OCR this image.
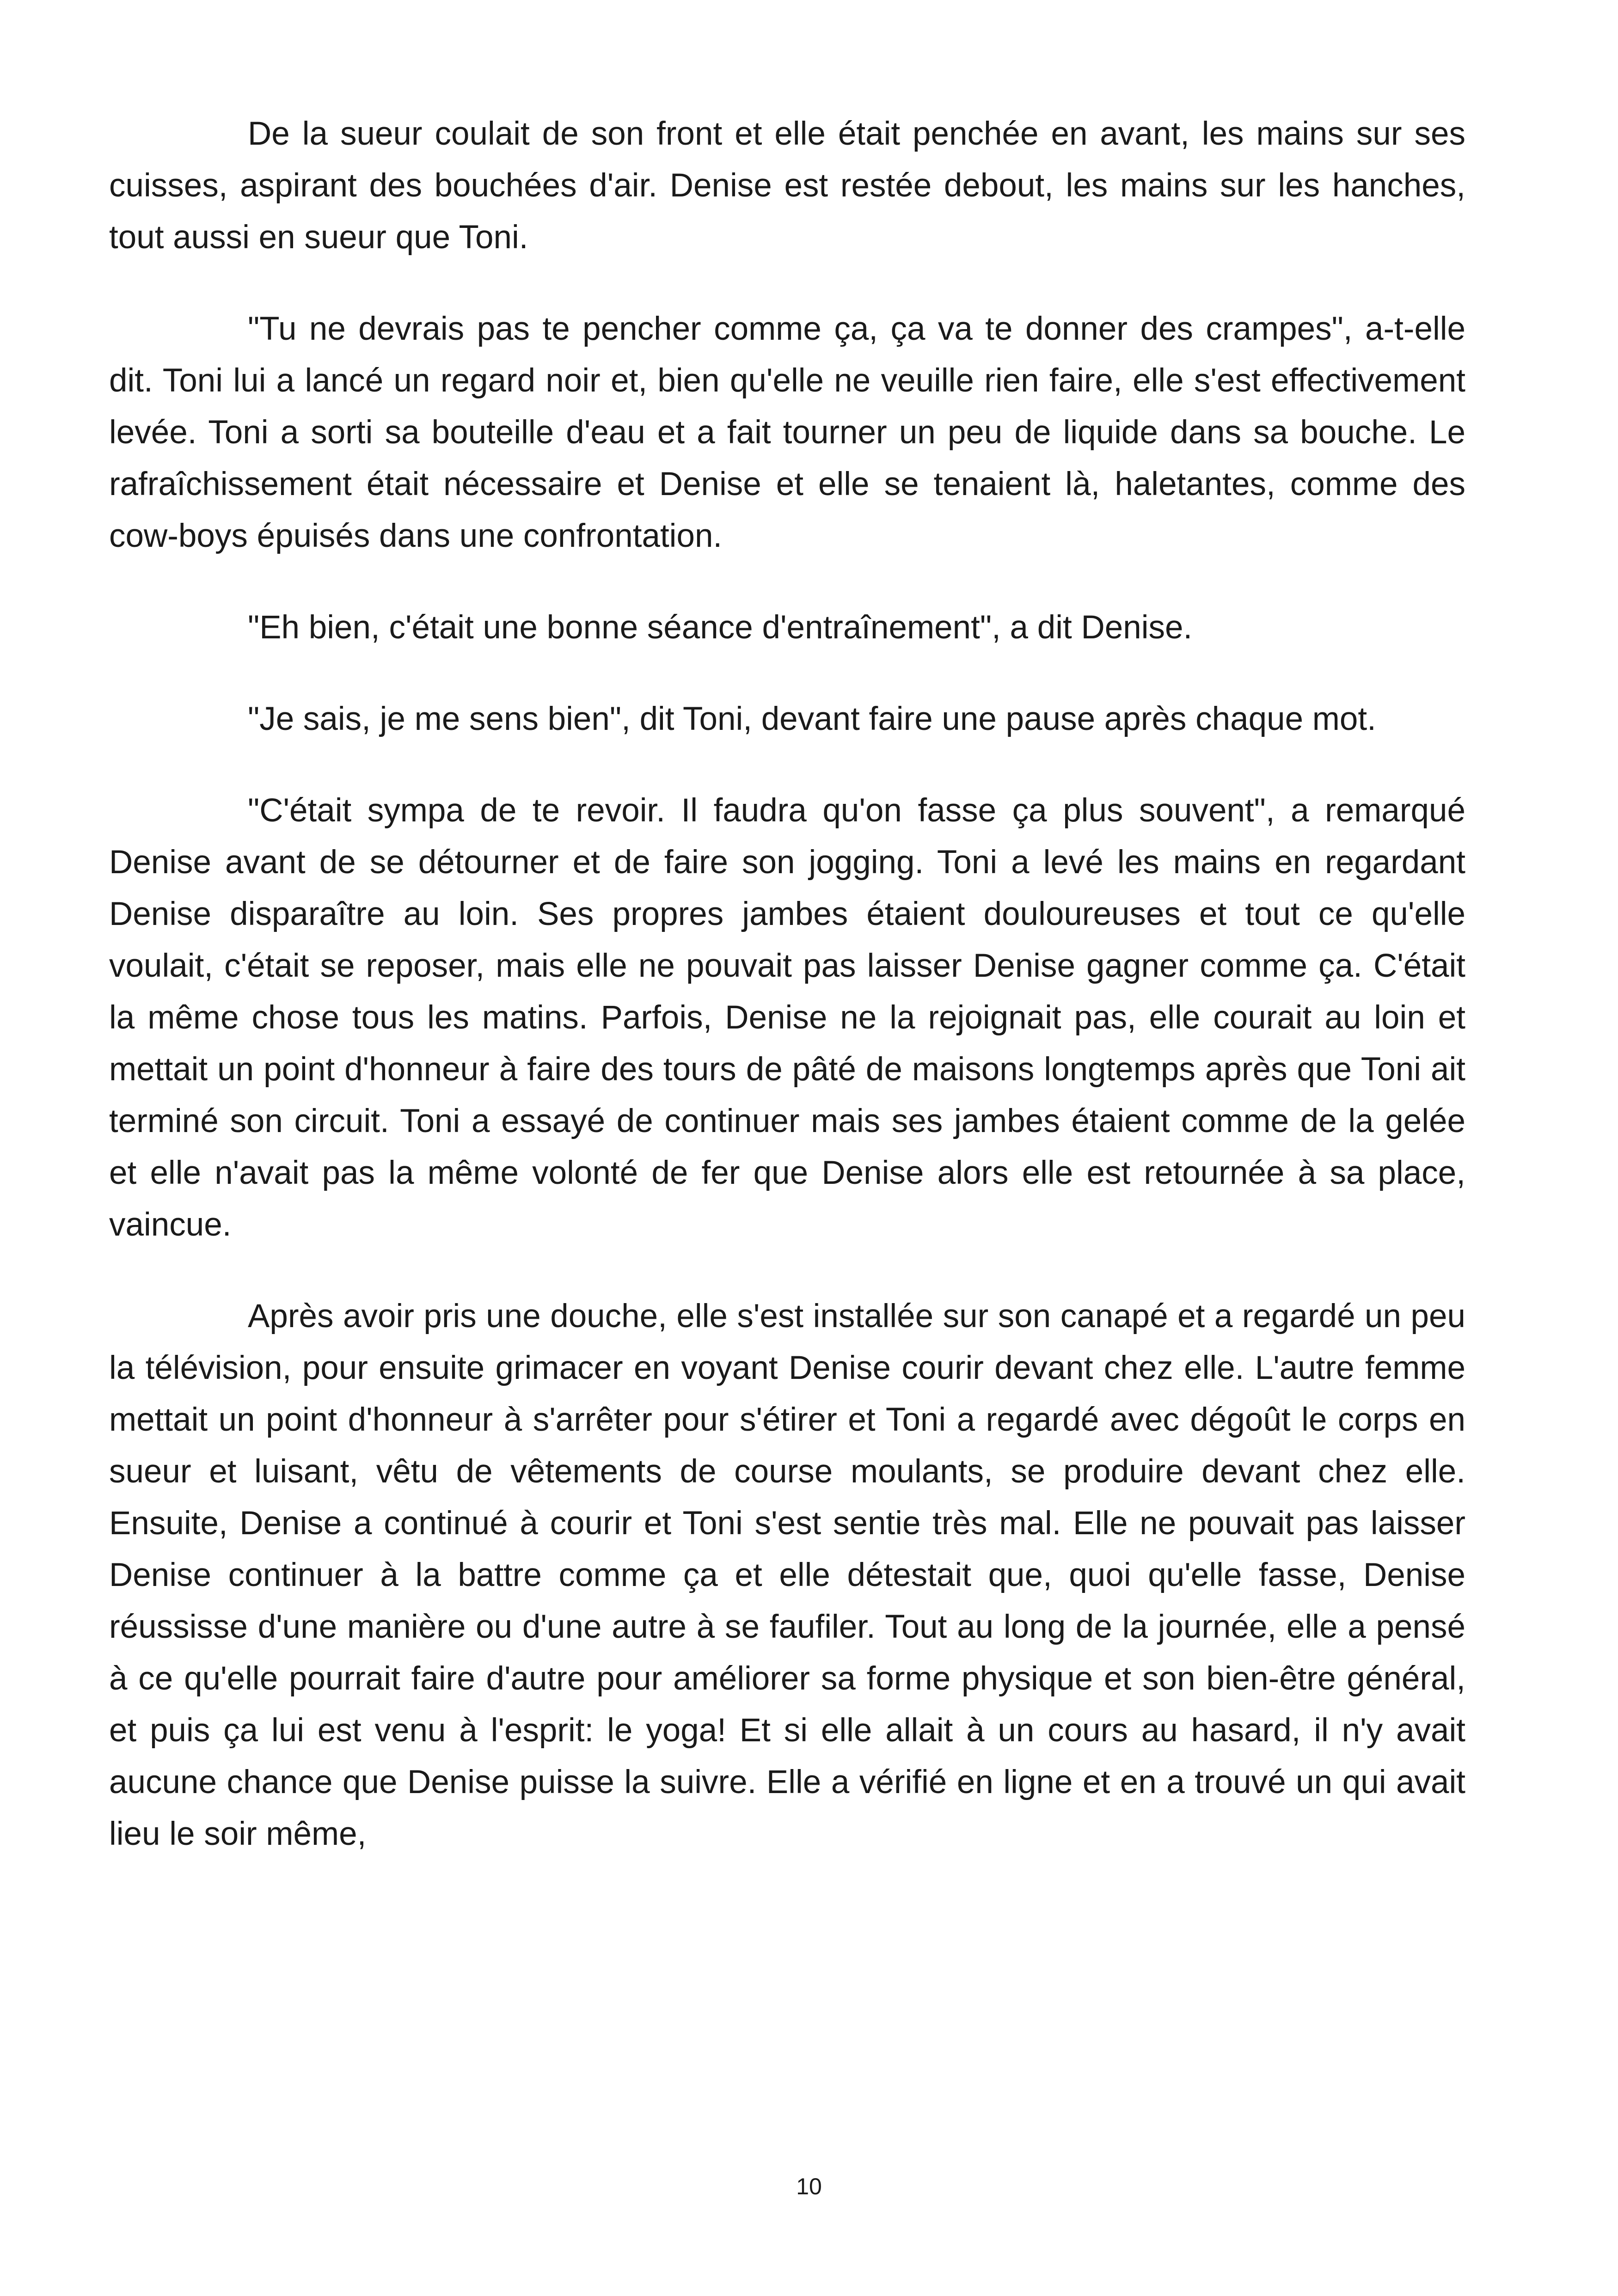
De la sueur coulait de son front et elle était penchée en avant, les mains sur ses cuisses, aspirant des bouchées d'air. Denise est restée debout, les mains sur les hanches, tout aussi en sueur que Toni.

"Tu ne devrais pas te pencher comme ça, ça va te donner des crampes", a-t-elle dit. Toni lui a lancé un regard noir et, bien qu'elle ne veuille rien faire, elle s'est effectivement levée. Toni a sorti sa bouteille d'eau et a fait tourner un peu de liquide dans sa bouche. Le rafraîchissement était nécessaire et Denise et elle se tenaient là, haletantes, comme des cow-boys épuisés dans une confrontation.

"Eh bien, c'était une bonne séance d'entraînement", a dit Denise.

"Je sais, je me sens bien", dit Toni, devant faire une pause après chaque mot.

"C'était sympa de te revoir. Il faudra qu'on fasse ça plus souvent", a remarqué Denise avant de se détourner et de faire son jogging. Toni a levé les mains en regardant Denise disparaître au loin. Ses propres jambes étaient douloureuses et tout ce qu'elle voulait, c'était se reposer, mais elle ne pouvait pas laisser Denise gagner comme ça. C'était la même chose tous les matins. Parfois, Denise ne la rejoignait pas, elle courait au loin et mettait un point d'honneur à faire des tours de pâté de maisons longtemps après que Toni ait terminé son circuit. Toni a essayé de continuer mais ses jambes étaient comme de la gelée et elle n'avait pas la même volonté de fer que Denise alors elle est retournée à sa place, vaincue.

Après avoir pris une douche, elle s'est installée sur son canapé et a regardé un peu la télévision, pour ensuite grimacer en voyant Denise courir devant chez elle. L'autre femme mettait un point d'honneur à s'arrêter pour s'étirer et Toni a regardé avec dégoût le corps en sueur et luisant, vêtu de vêtements de course moulants, se produire devant chez elle. Ensuite, Denise a continué à courir et Toni s'est sentie très mal. Elle ne pouvait pas laisser Denise continuer à la battre comme ça et elle détestait que, quoi qu'elle fasse, Denise réussisse d'une manière ou d'une autre à se faufiler. Tout au long de la journée, elle a pensé à ce qu'elle pourrait faire d'autre pour améliorer sa forme physique et son bien-être général, et puis ça lui est venu à l'esprit: le yoga! Et si elle allait à un cours au hasard, il n'y avait aucune chance que Denise puisse la suivre. Elle a vérifié en ligne et en a trouvé un qui avait lieu le soir même,

10
